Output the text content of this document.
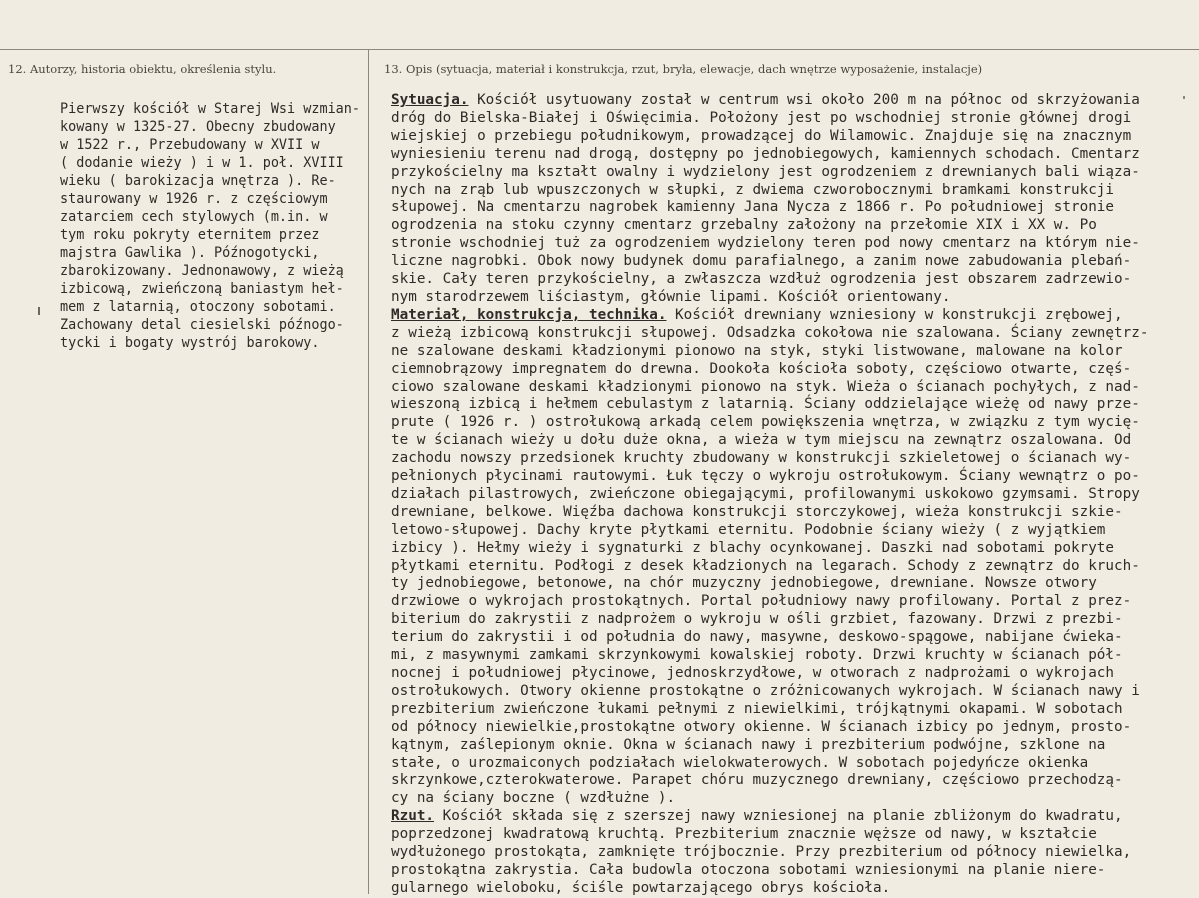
12. Autorzy, historia obiektu, określenia stylu.	13. Opis (sytuacja, materiał i konstrukcja, rzut, bryła, elewacje, dach wnętrze wyposażenie, instalacje)
Pierwszy kościół w Starej Wsi wzmian-
kowany w 1325-27. Obecny zbudowany
w 1522 r., Przebudowany w XVII w
( dodanie wieży ) i w 1. poł. XVIII
wieku ( barokizacja wnętrza ). Re-
staurowany w 1926 r. z częściowym
zatarciem cech stylowych (m.in. w
tym roku pokryty eternitem przez
majstra Gawlika ). Późnogotycki,
zbarokizowany. Jednonawowy, z wieżą
izbicową, zwieńczoną baniastym heł-
mem z latarnią, otoczony sobotami.
Zachowany detal ciesielski późnogo-
tycki i bogaty wystrój barokowy.
Sytuacja. Kościół usytuowany został w centrum wsi około 200 m na północ od skrzyżowania
dróg do Bielska-Białej i Oświęcimia. Położony jest po wschodniej stronie głównej drogi
wiejskiej o przebiegu południkowym, prowadzącej do Wilamowic. Znajduje się na znacznym
wyniesieniu terenu nad drogą, dostępny po jednobiegowych, kamiennych schodach. Cmentarz
przykościelny ma kształt owalny i wydzielony jest ogrodzeniem z drewnianych bali wiąza-
nych na zrąb lub wpuszczonych w słupki, z dwiema czworobocznymi bramkami konstrukcji
słupowej. Na cmentarzu nagrobek kamienny Jana Nycza z 1866 r. Po południowej stronie
ogrodzenia na stoku czynny cmentarz grzebalny założony na przełomie XIX i XX w. Po
stronie wschodniej tuż za ogrodzeniem wydzielony teren pod nowy cmentarz na którym nie-
liczne nagrobki. Obok nowy budynek domu parafialnego, a zanim nowe zabudowania plebań-
skie. Cały teren przykościelny, a zwłaszcza wzdłuż ogrodzenia jest obszarem zadrzewio-
nym starodrzewem liściastym, głównie lipami. Kościół orientowany.
Materiał, konstrukcja, technika. Kościół drewniany wzniesiony w konstrukcji zrębowej,
z wieżą izbicową konstrukcji słupowej. Odsadzka cokołowa nie szalowana. Ściany zewnętrz-
ne szalowane deskami kładzionymi pionowo na styk, styki listwowane, malowane na kolor
ciemnobrązowy impregnatem do drewna. Dookoła kościoła soboty, częściowo otwarte, częś-
ciowo szalowane deskami kładzionymi pionowo na styk. Wieża o ścianach pochyłych, z nad-
wieszoną izbicą i hełmem cebulastym z latarnią. Ściany oddzielające wieżę od nawy prze-
prute ( 1926 r. ) ostrołukową arkadą celem powiększenia wnętrza, w związku z tym wycię-
te w ścianach wieży u dołu duże okna, a wieża w tym miejscu na zewnątrz oszalowana. Od
zachodu nowszy przedsionek kruchty zbudowany w konstrukcji szkieletowej o ścianach wy-
pełnionych płycinami rautowymi. Łuk tęczy o wykroju ostrołukowym. Ściany wewnątrz o po-
działach pilastrowych, zwieńczone obiegającymi, profilowanymi uskokowo gzymsami. Stropy
drewniane, belkowe. Więźba dachowa konstrukcji storczykowej, wieża konstrukcji szkie-
letowo-słupowej. Dachy kryte płytkami eternitu. Podobnie ściany wieży ( z wyjątkiem
izbicy ). Hełmy wieży i sygnaturki z blachy ocynkowanej. Daszki nad sobotami pokryte
płytkami eternitu. Podłogi z desek kładzionych na legarach. Schody z zewnątrz do kruch-
ty jednobiegowe, betonowe, na chór muzyczny jednobiegowe, drewniane. Nowsze otwory
drzwiowe o wykrojach prostokątnych. Portal południowy nawy profilowany. Portal z prez-
biterium do zakrystii z nadprożem o wykroju w ośli grzbiet, fazowany. Drzwi z prezbi-
terium do zakrystii i od południa do nawy, masywne, deskowo-spągowe, nabijane ćwieka-
mi, z masywnymi zamkami skrzynkowymi kowalskiej roboty. Drzwi kruchty w ścianach pół-
nocnej i południowej płycinowe, jednoskrzydłowe, w otworach z nadprożami o wykrojach
ostrołukowych. Otwory okienne prostokątne o zróżnicowanych wykrojach. W ścianach nawy i
prezbiterium zwieńczone łukami pełnymi z niewielkimi, trójkątnymi okapami. W sobotach
od północy niewielkie,prostokątne otwory okienne. W ścianach izbicy po jednym, prosto-
kątnym, zaślepionym oknie. Okna w ścianach nawy i prezbiterium podwójne, szklone na
stałe, o urozmaiconych podziałach wielokwaterowych. W sobotach pojedyńcze okienka
skrzynkowe,czterokwaterowe. Parapet chóru muzycznego drewniany, częściowo przechodzą-
cy na ściany boczne ( wzdłużne ).
Rzut. Kościół składa się z szerszej nawy wzniesionej na planie zbliżonym do kwadratu,
poprzedzonej kwadratową kruchtą. Prezbiterium znacznie węższe od nawy, w kształcie
wydłużonego prostokąta, zamknięte trójbocznie. Przy prezbiterium od północy niewielka,
prostokątna zakrystia. Cała budowla otoczona sobotami wzniesionymi na planie niere-
gularnego wieloboku, ściśle powtarzającego obrys kościoła.
